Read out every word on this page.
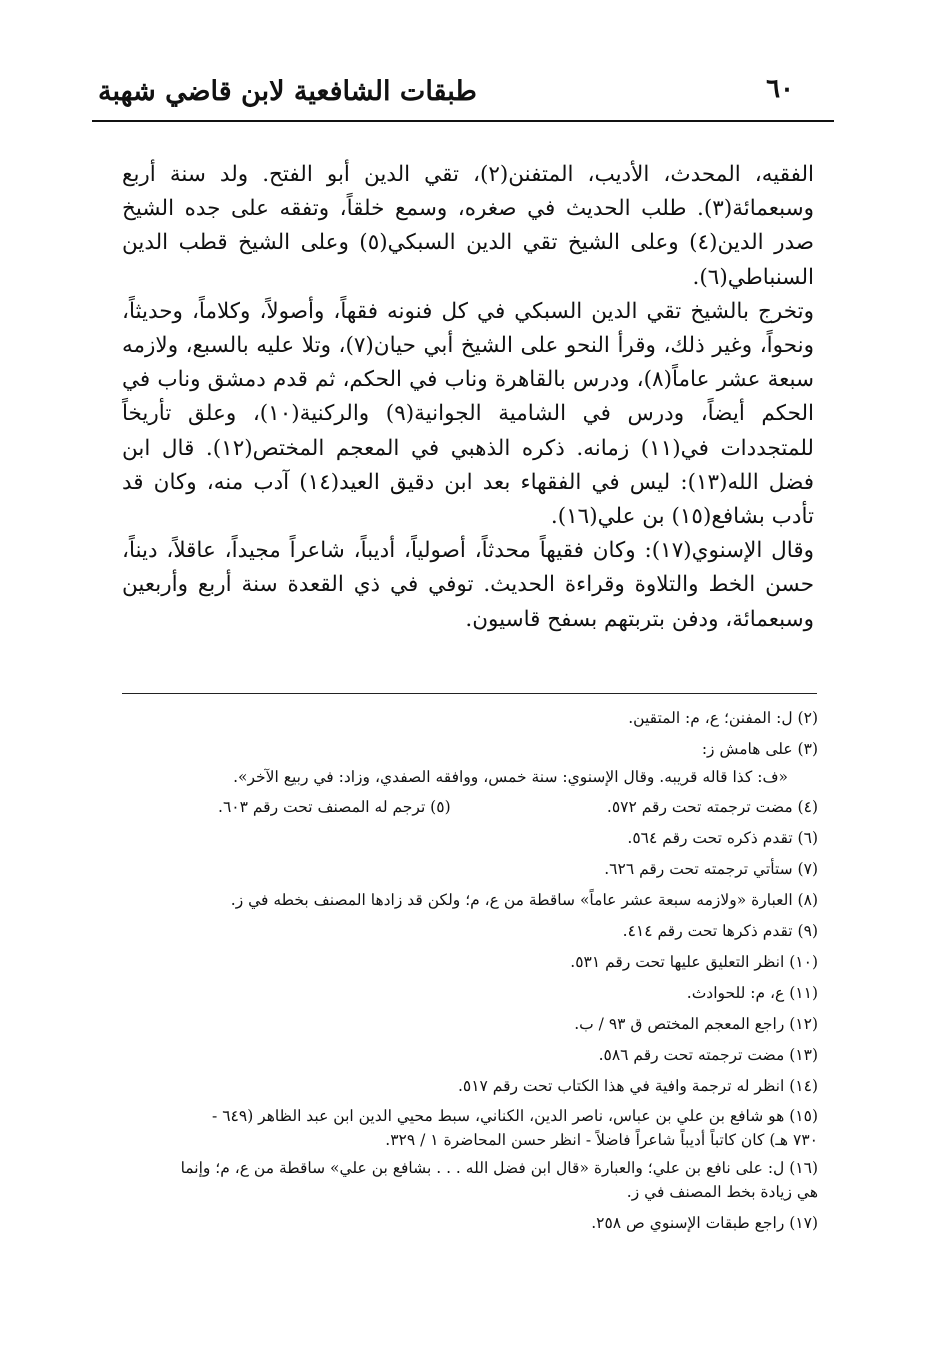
٦٠
طبقات الشافعية لابن قاضي شهبة

الفقيه، المحدث، الأديب، المتفنن(٢)، تقي الدين أبو الفتح. ولد سنة أربع وسبعمائة(٣). طلب الحديث في صغره، وسمع خلقاً، وتفقه على جده الشيخ صدر الدين(٤) وعلى الشيخ تقي الدين السبكي(٥) وعلى الشيخ قطب الدين السنباطي(٦).

وتخرج بالشيخ تقي الدين السبكي في كل فنونه فقهاً، وأصولاً، وكلاماً، وحديثاً، ونحواً، وغير ذلك، وقرأ النحو على الشيخ أبي حيان(٧)، وتلا عليه بالسبع، ولازمه سبعة عشر عاماً(٨)، ودرس بالقاهرة وناب في الحكم، ثم قدم دمشق وناب في الحكم أيضاً، ودرس في الشامية الجوانية(٩) والركنية(١٠)، وعلق تأريخاً للمتجددات في(١١) زمانه. ذكره الذهبي في المعجم المختص(١٢). قال ابن فضل الله(١٣): ليس في الفقهاء بعد ابن دقيق العيد(١٤) آدب منه، وكان قد تأدب بشافع(١٥) بن علي(١٦).

وقال الإسنوي(١٧): وكان فقيهاً محدثاً، أصولياً، أديباً، شاعراً مجيداً، عاقلاً، ديناً، حسن الخط والتلاوة وقراءة الحديث. توفي في ذي القعدة سنة أربع وأربعين وسبعمائة، ودفن بتربتهم بسفح قاسيون.

(٢) ل: المفنن؛ ع، م: المتقين.

(٣) على هامش ز:

«ف: كذا قاله قريبه. وقال الإسنوي: سنة خمس، ووافقه الصفدي، وزاد: في ربيع الآخر».

(٤) مضت ترجمته تحت رقم ٥٧٢.
(٥) ترجم له المصنف تحت رقم ٦٠٣.

(٦) تقدم ذكره تحت رقم ٥٦٤.

(٧) ستأتي ترجمته تحت رقم ٦٢٦.

(٨) العبارة «ولازمه سبعة عشر عاماً» ساقطة من ع، م؛ ولكن قد زادها المصنف بخطه في ز.

(٩) تقدم ذكرها تحت رقم ٤١٤.

(١٠) انظر التعليق عليها تحت رقم ٥٣١.

(١١) ع، م: للحوادث.

(١٢) راجع المعجم المختص ق ٩٣ / ب.

(١٣) مضت ترجمته تحت رقم ٥٨٦.

(١٤) انظر له ترجمة وافية في هذا الكتاب تحت رقم ٥١٧.

(١٥) هو شافع بن علي بن عباس، ناصر الدين، الكناني، سبط محيي الدين ابن عبد الظاهر (٦٤٩ -
٧٣٠ هـ) كان كاتباً أديباً شاعراً فاضلاً - انظر حسن المحاضرة ١ / ٣٢٩.
(١٦) ل: على نافع بن علي؛ والعبارة «قال ابن فضل الله . . . بشافع بن علي» ساقطة من ع، م؛ وإنما
هي زيادة بخط المصنف في ز.

(١٧) راجع طبقات الإسنوي ص ٢٥٨.
